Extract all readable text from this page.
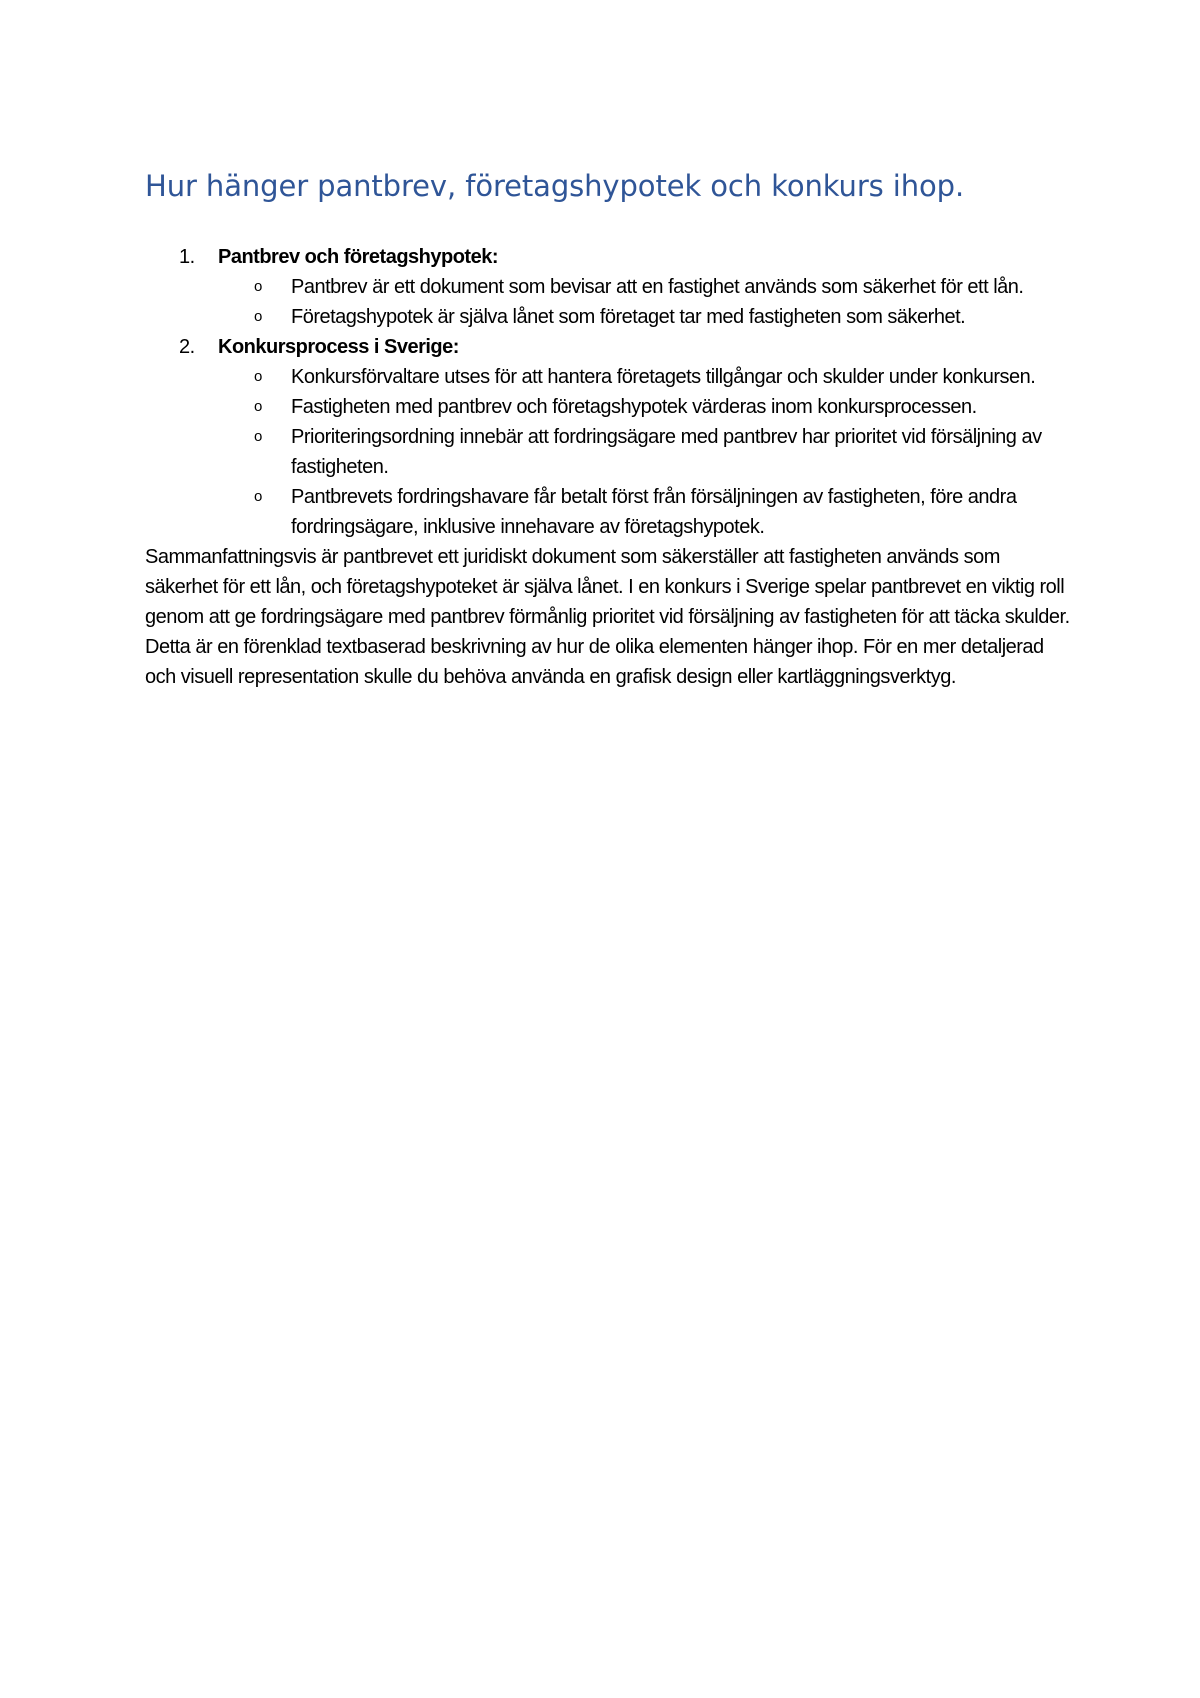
Hur hänger pantbrev, företagshypotek och konkurs ihop.
1. Pantbrev och företagshypotek:
o Pantbrev är ett dokument som bevisar att en fastighet används som säkerhet för ett lån.
o Företagshypotek är själva lånet som företaget tar med fastigheten som säkerhet.
2. Konkursprocess i Sverige:
o Konkursförvaltare utses för att hantera företagets tillgångar och skulder under konkursen.
o Fastigheten med pantbrev och företagshypotek värderas inom konkursprocessen.
o Prioriteringsordning innebär att fordringsägare med pantbrev har prioritet vid försäljning av fastigheten.
o Pantbrevets fordringshavare får betalt först från försäljningen av fastigheten, före andra fordringsägare, inklusive innehavare av företagshypotek.

Sammanfattningsvis är pantbrevet ett juridiskt dokument som säkerställer att fastigheten används som säkerhet för ett lån, och företagshypoteket är själva lånet. I en konkurs i Sverige spelar pantbrevet en viktig roll genom att ge fordringsägare med pantbrev förmånlig prioritet vid försäljning av fastigheten för att täcka skulder. Detta är en förenklad textbaserad beskrivning av hur de olika elementen hänger ihop. För en mer detaljerad och visuell representation skulle du behöva använda en grafisk design eller kartläggningsverktyg.
